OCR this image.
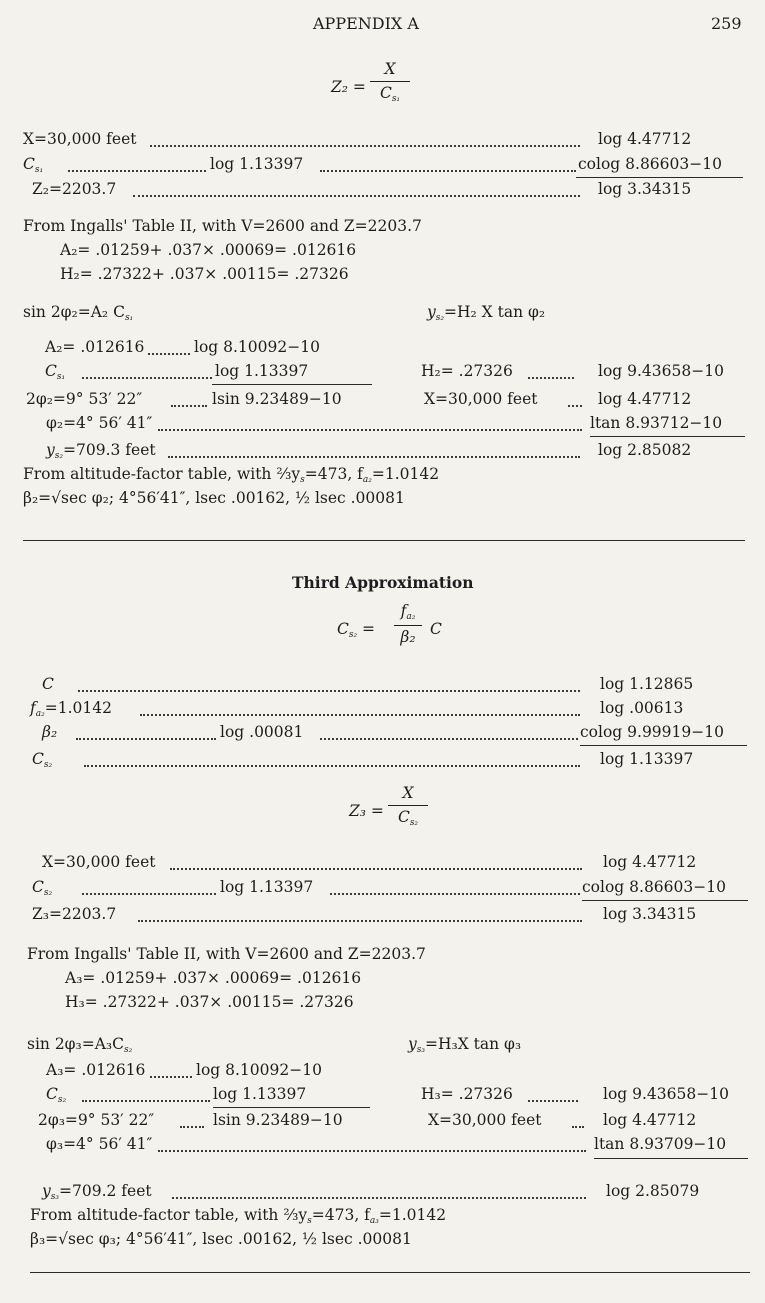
APPENDIX A	259
Z₂ =
X
$C_{s_1}$
X=30,000 feet	log 4.47712
$C_{s_1}$	log 1.13397	colog 8.86603−10
Z₂=2203.7	log 3.34315
From Ingalls' Table II, with V=2600 and Z=2203.7
A₂= .01259+ .037× .00069= .012616
H₂= .27322+ .037× .00115= .27326
sin 2φ₂=A₂ $C_{s_1}$	$y_{s_2}=H_2$ X tan φ₂
A₂= .012616	log 8.10092−10
$C_{s_1}$	log 1.13397	H₂= .27326	log 9.43658−10
2φ₂=9° 53′ 22″	lsin 9.23489−10	X=30,000 feet	log 4.47712
φ₂=4° 56′ 41″	ltan 8.93712−10
$y_{s_2}=709.3$ feet	log 2.85082
From altitude-factor table, with $\frac{2}{3}y_s=473$, $f_{a_2}=1.0142$
β₂=√sec φ₂; 4°56′41″, lsec .00162, ½ lsec .00081
Third Approximation
$C_{s_2}$ =
$f_{a_2}$
β₂ C
C	log 1.12865
$f_{a_2}=1.0142$	log .00613
β₂	log .00081	colog 9.99919−10
$C_{s_2}$	log 1.13397
Z₃ =
X
$C_{s_2}$
X=30,000 feet	log 4.47712
$C_{s_2}$	log 1.13397	colog 8.86603−10
Z₃=2203.7	log 3.34315
From Ingalls' Table II, with V=2600 and Z=2203.7
A₃= .01259+ .037× .00069= .012616
H₃= .27322+ .037× .00115= .27326
$\sin 2\varphi_3=A_3C_{s_2}$	$y_{s_3}=H_3X$ tan φ₃
A₃= .012616	log 8.10092−10
$C_{s_2}$	log 1.13397	H₃= .27326	log 9.43658−10
2φ₃=9° 53′ 22″	lsin 9.23489−10	X=30,000 feet	log 4.47712
φ₃=4° 56′ 41″	ltan 8.93709−10
$y_{s_3}=709.2$ feet	log 2.85079
From altitude-factor table, with $\frac{2}{3}y_s=473$, $f_{a_3}=1.0142$
β₃=√sec φ₃; 4°56′41″, lsec .00162, ½ lsec .00081
